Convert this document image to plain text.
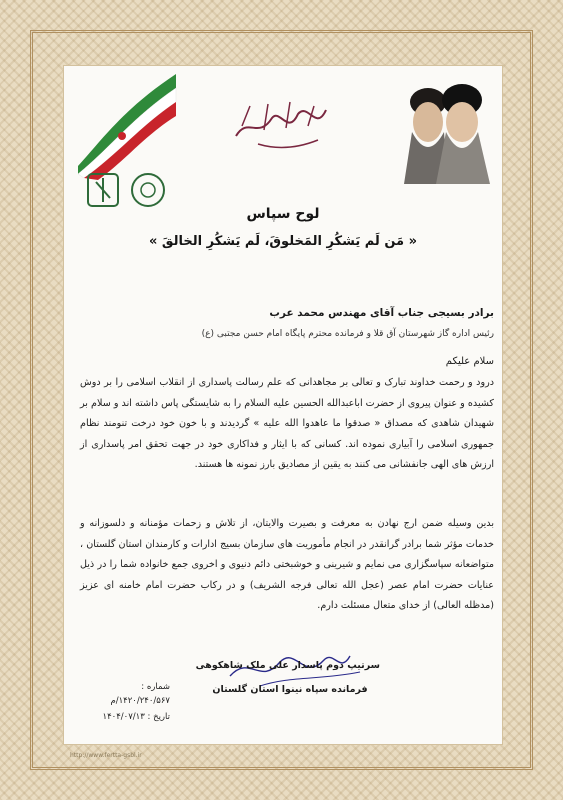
لوح سپاس
« مَن لَم یَشکُرِ المَخلوقَ، لَم یَشکُرِ الخالقَ »
برادر بسیجی جناب آقای مهندس محمد عرب
رئیس اداره گاز شهرستان آق قلا و فرمانده محترم پایگاه امام حسن مجتبی (ع)
سلام علیکم
درود و رحمت خداوند تبارک و تعالی بر مجاهدانی که علم رسالت پاسداری از انقلاب اسلامی را بر دوش کشیده و عنوان پیروی از حضرت اباعبدالله الحسین علیه السلام را به شایستگی پاس داشته اند و سلام بر شهیدان شاهدی که مصداق « صدقوا ما عاهدوا الله علیه » گردیدند و با خون خود درخت تنومند نظام جمهوری اسلامی را آبیاری نموده اند. کسانی که با ایثار و فداکاری خود در جهت تحقق امر پاسداری از ارزش های الهی جانفشانی می کنند به یقین از مصادیق بارز نمونه ها هستند.
بدین وسیله ضمن ارج نهادن به معرفت و بصیرت والایتان، از تلاش و زحمات مؤمنانه و دلسوزانه و خدمات مؤثر شما برادر گرانقدر در انجام مأموریت های سازمان بسیج ادارات و کارمندان استان گلستان ، متواضعانه سپاسگزاری می نمایم و شیرینی و خوشبختی دائم دنیوی و اخروی جمع خانواده شما را در ذیل عنایات حضرت امام عصر (عجل الله تعالی فرجه الشریف) و در رکاب حضرت امام خامنه ای عزیز (مدظله العالی) از خدای متعال مسئلت دارم.
سرتیپ دوم پاسدار علی ملک شاهکوهی
فرمانده سپاه نینوا استان گلستان
شماره :
۱۴۲۰/۲۴۰/۵۶۷/م
تاریخ : ۱۴۰۴/۰۷/۱۳
http://www.fertta-gsbl.ir
